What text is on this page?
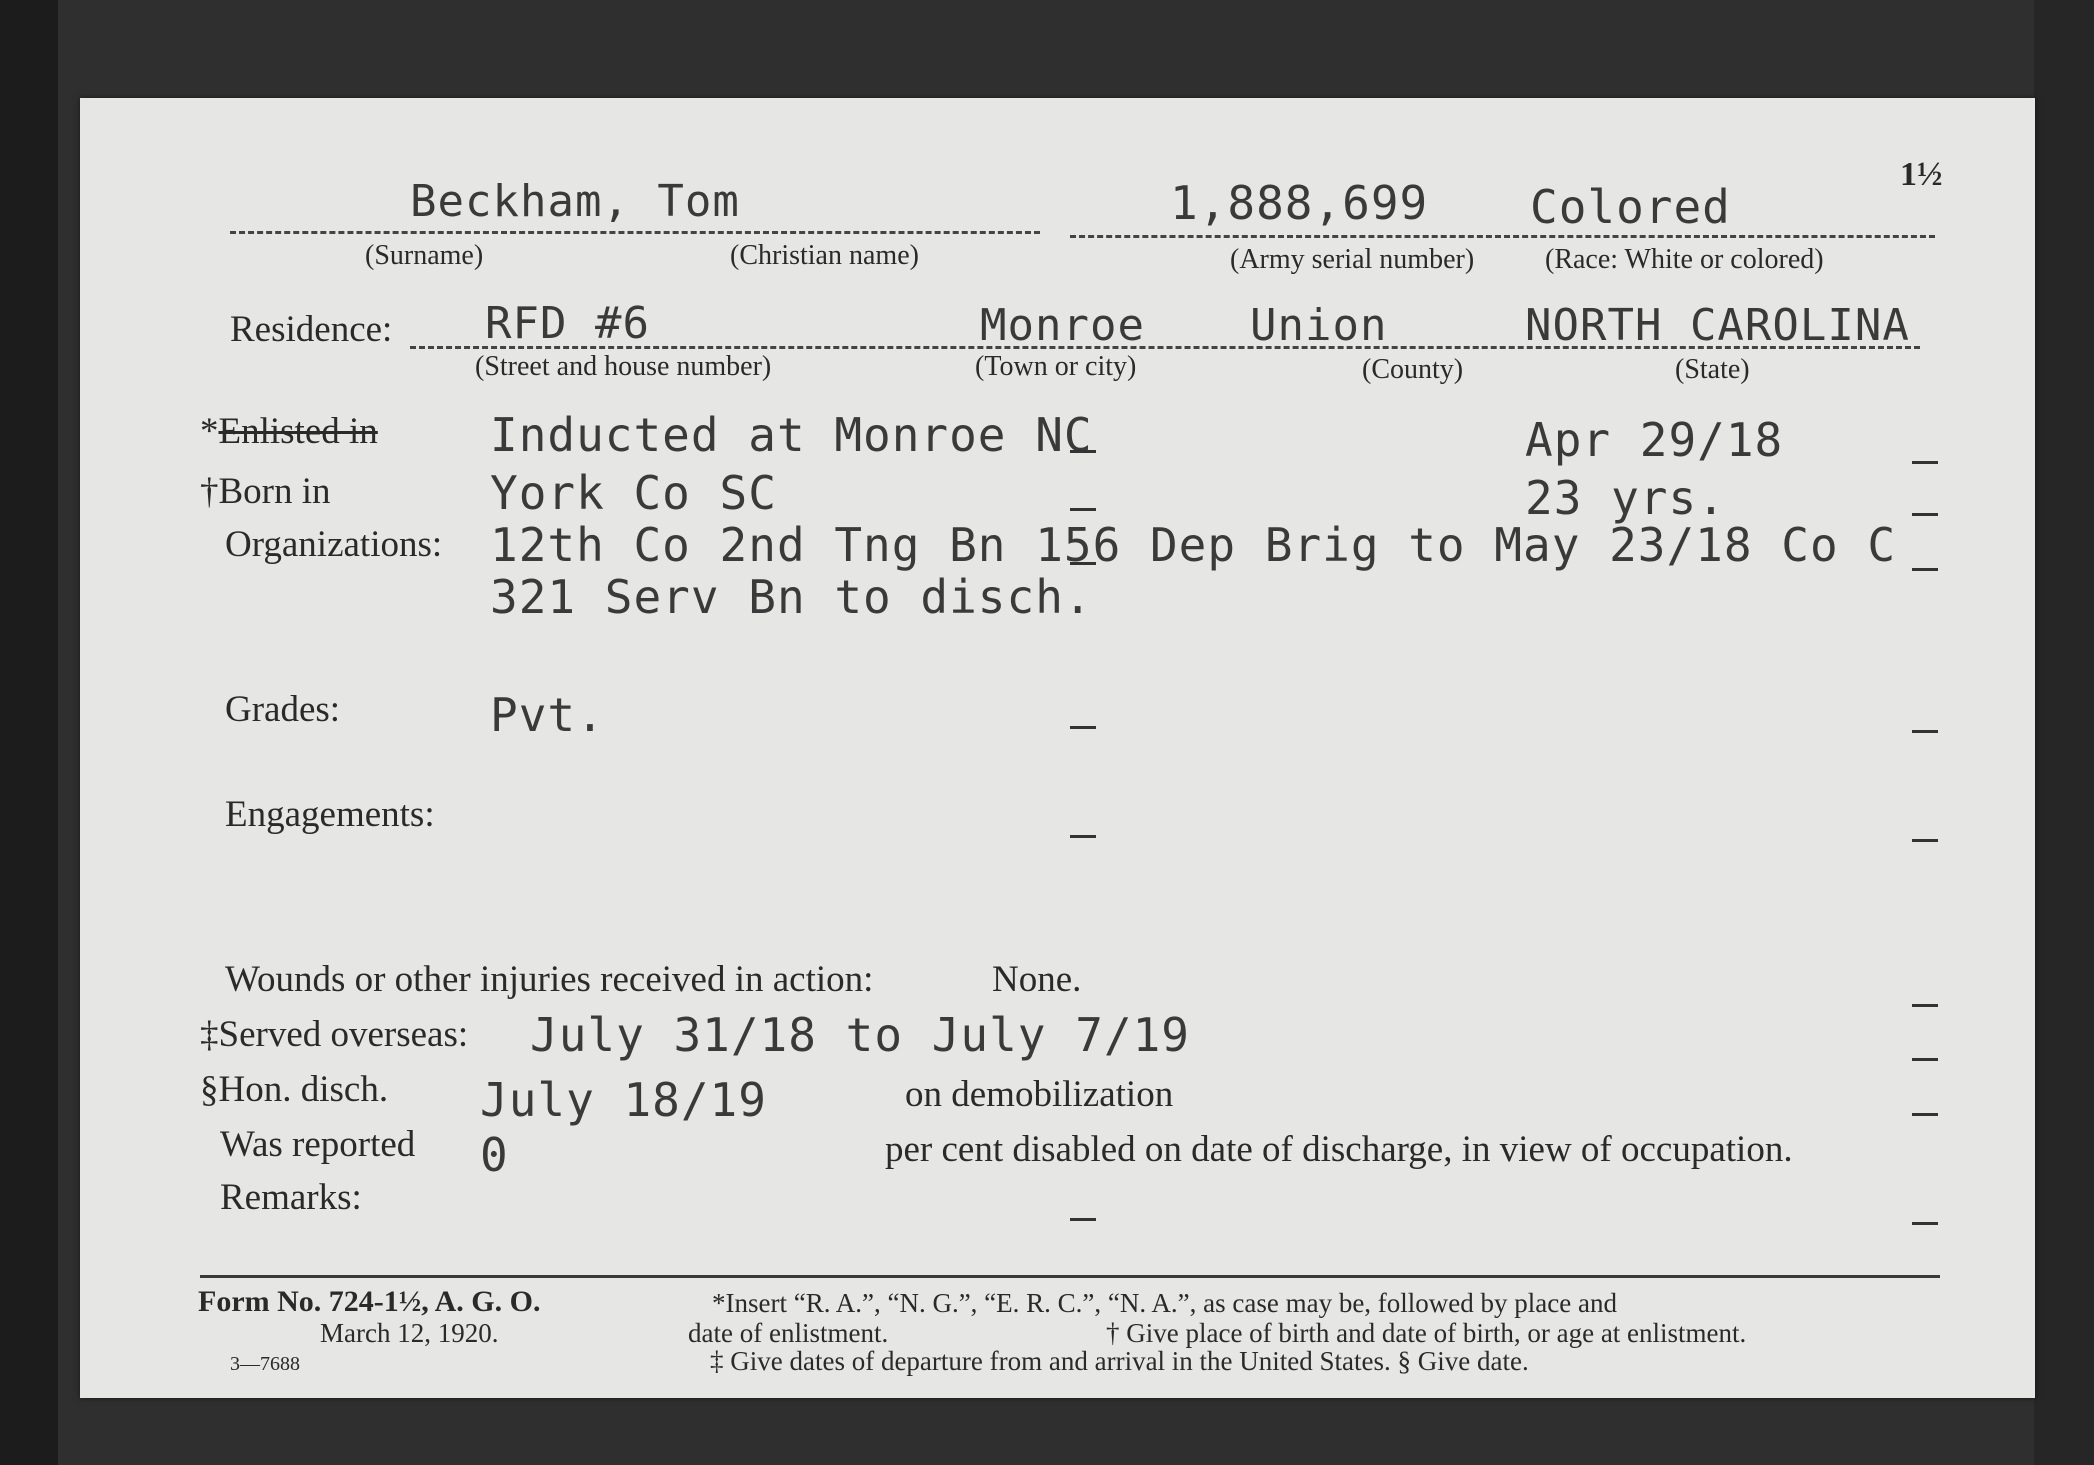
1½
Beckham, Tom	1,888,699 Colored
(Surname)	(Christian name)	(Army serial number)	(Race: White or colored)
Residence: RFD #6	Monroe Union	NORTH CAROLINA
(Street and house number)	(Town or city)	(County)	(State)
*Enlisted in Inducted at Monroe NC	Apr 29/18
†Born in	York Co SC	23 yrs.
Organizations: 12th Co 2nd Tng Bn 156 Dep Brig to May 23/18 Co C
321 Serv Bn to disch.
Grades:	Pvt.
Engagements:
Wounds or other injuries received in action:	None.
‡Served overseas: July 31/18 to July 7/19
§Hon. disch. July 18/19	on demobilization
Was reported 0	per cent disabled on date of discharge, in view of occupation.
Remarks:
Form No. 724-1½, A. G. O.
March 12, 1920.
3—7688
*Insert “R. A.”, “N. G.”, “E. R. C.”, “N. A.”, as case may be, followed by place and
date of enlistment.	† Give place of birth and date of birth, or age at enlistment.
‡ Give dates of departure from and arrival in the United States. § Give date.
